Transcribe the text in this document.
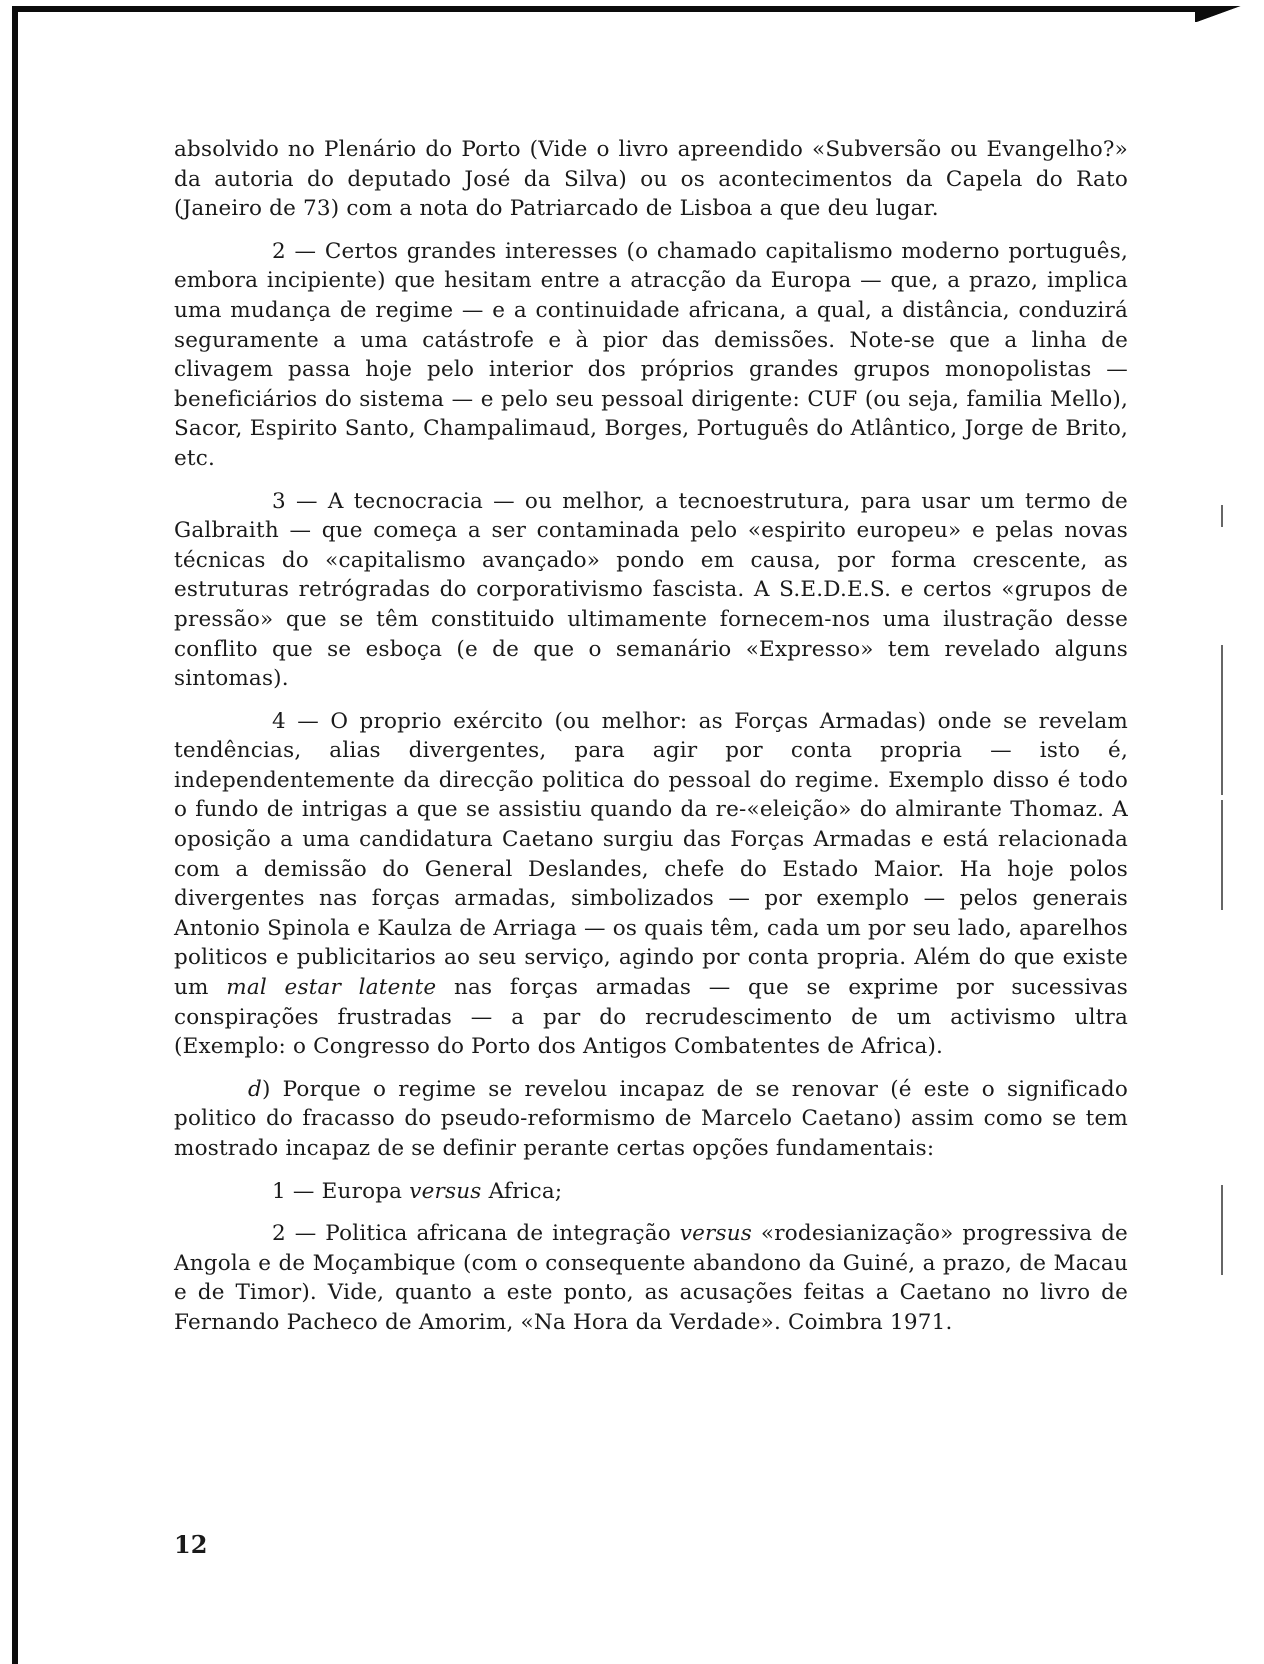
absolvido no Plenário do Porto (Vide o livro apreendido «Subversão ou Evangelho?» da autoria do deputado José da Silva) ou os acontecimentos da Capela do Rato (Janeiro de 73) com a nota do Patriarcado de Lisboa a que deu lugar.

2 — Certos grandes interesses (o chamado capitalismo moderno português, embora incipiente) que hesitam entre a atracção da Europa — que, a prazo, implica uma mudança de regime — e a continuidade africana, a qual, a distância, conduzirá seguramente a uma catástrofe e à pior das demissões. Note-se que a linha de clivagem passa hoje pelo interior dos próprios grandes grupos monopolistas — beneficiários do sistema — e pelo seu pessoal dirigente: CUF (ou seja, familia Mello), Sacor, Espirito Santo, Champalimaud, Borges, Português do Atlântico, Jorge de Brito, etc.

3 — A tecnocracia — ou melhor, a tecnoestrutura, para usar um termo de Galbraith — que começa a ser contaminada pelo «espirito europeu» e pelas novas técnicas do «capitalismo avançado» pondo em causa, por forma crescente, as estruturas retrógradas do corporativismo fascista. A S.E.D.E.S. e certos «grupos de pressão» que se têm constituido ultimamente fornecem-nos uma ilustração desse conflito que se esboça (e de que o semanário «Expresso» tem revelado alguns sintomas).

4 — O proprio exército (ou melhor: as Forças Armadas) onde se revelam tendências, alias divergentes, para agir por conta propria — isto é, independentemente da direcção politica do pessoal do regime. Exemplo disso é todo o fundo de intrigas a que se assistiu quando da re-«eleição» do almirante Thomaz. A oposição a uma candidatura Caetano surgiu das Forças Armadas e está relacionada com a demissão do General Deslandes, chefe do Estado Maior. Ha hoje polos divergentes nas forças armadas, simbolizados — por exemplo — pelos generais Antonio Spinola e Kaulza de Arriaga — os quais têm, cada um por seu lado, aparelhos politicos e publicitarios ao seu serviço, agindo por conta propria. Além do que existe um mal estar latente nas forças armadas — que se exprime por sucessivas conspirações frustradas — a par do recrudescimento de um activismo ultra (Exemplo: o Congresso do Porto dos Antigos Combatentes de Africa).

d) Porque o regime se revelou incapaz de se renovar (é este o significado politico do fracasso do pseudo-reformismo de Marcelo Caetano) assim como se tem mostrado incapaz de se definir perante certas opções fundamentais:

1 — Europa versus Africa;

2 — Politica africana de integração versus «rodesianização» progressiva de Angola e de Moçambique (com o consequente abandono da Guiné, a prazo, de Macau e de Timor). Vide, quanto a este ponto, as acusações feitas a Caetano no livro de Fernando Pacheco de Amorim, «Na Hora da Verdade». Coimbra 1971.

12
